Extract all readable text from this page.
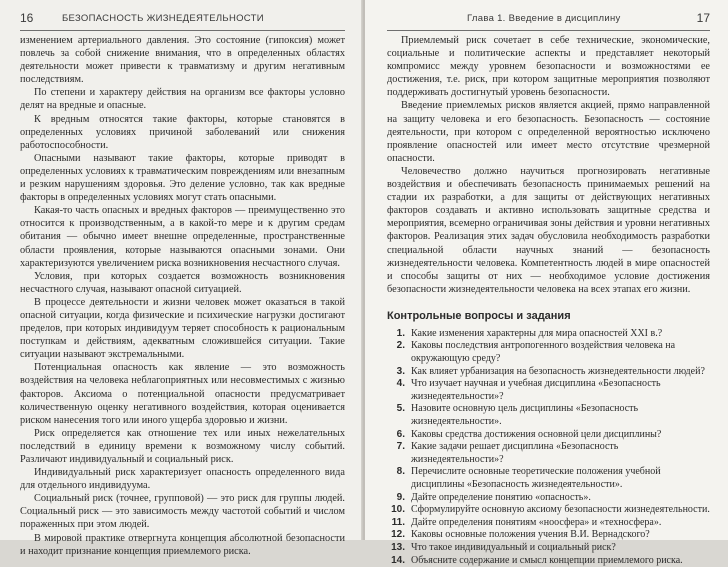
16	БЕЗОПАСНОСТЬ ЖИЗНЕДЕЯТЕЛЬНОСТИ

изменением артериального давления. Это состояние (гипоксия) может повлечь за собой снижение внимания, что в определенных областях деятельности может привести к травматизму и другим негативным последствиям.

По степени и характеру действия на организм все факторы условно делят на вредные и опасные.

К вредным относятся такие факторы, которые становятся в определенных условиях причиной заболеваний или снижения работоспособности.

Опасными называют такие факторы, которые приводят в определенных условиях к травматическим повреждениям или внезапным и резким нарушениям здоровья. Это деление условно, так как вредные факторы в определенных условиях могут стать опасными.

Какая-то часть опасных и вредных факторов — преимущественно это относится к производственным, а в какой-то мере и к другим средам обитания — обычно имеет внешне определенные, пространственные области проявления, которые называются опасными зонами. Они характеризуются увеличением риска возникновения несчастного случая.

Условия, при которых создается возможность возникновения несчастного случая, называют опасной ситуацией.

В процессе деятельности и жизни человек может оказаться в такой опасной ситуации, когда физические и психические нагрузки достигают пределов, при которых индивидуум теряет способность к рациональным поступкам и действиям, адекватным сложившейся ситуации. Такие ситуации называют экстремальными.

Потенциальная опасность как явление — это возможность воздействия на человека неблагоприятных или несовместимых с жизнью факторов. Аксиома о потенциальной опасности предусматривает количественную оценку негативного воздействия, которая оценивается риском нанесения того или иного ущерба здоровью и жизни.

Риск определяется как отношение тех или иных нежелательных последствий в единицу времени к возможному числу событий. Различают индивидуальный и социальный риск.

Индивидуальный риск характеризует опасность определенного вида для отдельного индивидуума.

Социальный риск (точнее, групповой) — это риск для группы людей. Социальный риск — это зависимость между частотой событий и числом пораженных при этом людей.

В мировой практике отвергнута концепция абсолютной безопасности и находит признание концепция приемлемого риска.

Глава 1. Введение в дисциплину	17

Приемлемый риск сочетает в себе технические, экономические, социальные и политические аспекты и представляет некоторый компромисс между уровнем безопасности и возможностями ее достижения, т.е. риск, при котором защитные мероприятия позволяют поддерживать достигнутый уровень безопасности.

Введение приемлемых рисков является акцией, прямо направленной на защиту человека и его безопасность. Безопасность — состояние деятельности, при котором с определенной вероятностью исключено проявление опасностей или имеет место отсутствие чрезмерной опасности.

Человечество должно научиться прогнозировать негативные воздействия и обеспечивать безопасность принимаемых решений на стадии их разработки, а для защиты от действующих негативных факторов создавать и активно использовать защитные средства и мероприятия, всемерно ограничивая зоны действия и уровни негативных факторов. Реализация этих задач обусловила необходимость разработки специальной области научных знаний — безопасность жизнедеятельности человека. Компетентность людей в мире опасностей и способы защиты от них — необходимое условие достижения безопасности жизнедеятельности человека на всех этапах его жизни.

Контрольные вопросы и задания
1. Какие изменения характерны для мира опасностей XXI в.?
2. Каковы последствия антропогенного воздействия человека на окружающую среду?
3. Как влияет урбанизация на безопасность жизнедеятельности людей?
4. Что изучает научная и учебная дисциплина «Безопасность жизнедеятельности»?
5. Назовите основную цель дисциплины «Безопасность жизнедеятельности».
6. Каковы средства достижения основной цели дисциплины?
7. Какие задачи решает дисциплина «Безопасность жизнедеятельности»?
8. Перечислите основные теоретические положения учебной дисциплины «Безопасность жизнедеятельности».
9. Дайте определение понятию «опасность».
10. Сформулируйте основную аксиому безопасности жизнедеятельности.
11. Дайте определения понятиям «ноосфера» и «техносфера».
12. Каковы основные положения учения В.И. Вернадского?
13. Что такое индивидуальный и социальный риск?
14. Объясните содержание и смысл концепции приемлемого риска.
